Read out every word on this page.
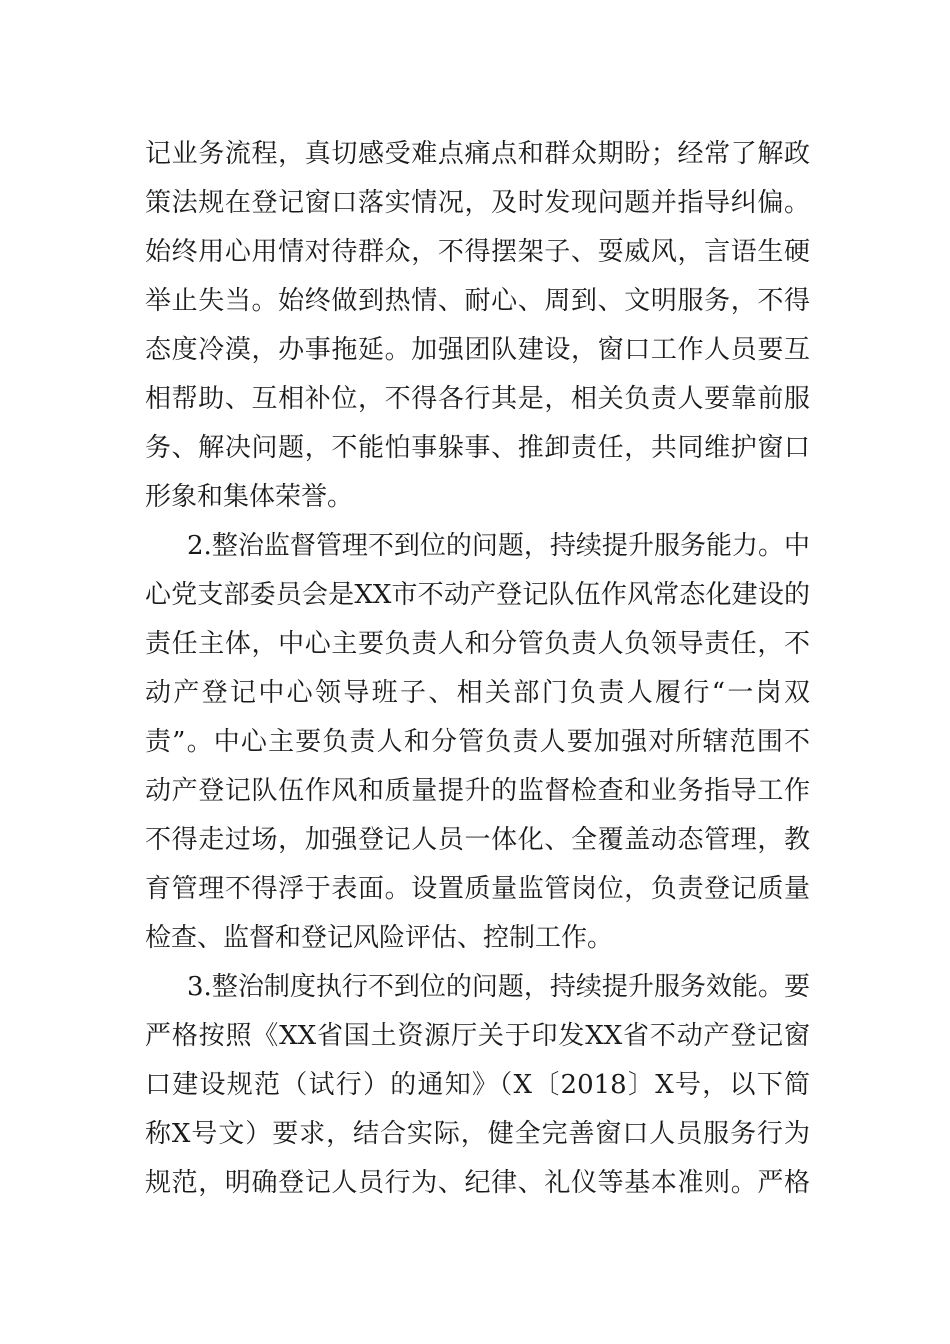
记业务流程，真切感受难点痛点和群众期盼；经常了解政
策法规在登记窗口落实情况，及时发现问题并指导纠偏。
始终用心用情对待群众，不得摆架子、耍威风，言语生硬
举止失当。始终做到热情、耐心、周到、文明服务，不得
态度冷漠，办事拖延。加强团队建设，窗口工作人员要互
相帮助、互相补位，不得各行其是，相关负责人要靠前服
务、解决问题，不能怕事躲事、推卸责任，共同维护窗口
形象和集体荣誉。
2.整治监督管理不到位的问题，持续提升服务能力。中
心党支部委员会是XX市不动产登记队伍作风常态化建设的
责任主体，中心主要负责人和分管负责人负领导责任，不
动产登记中心领导班子、相关部门负责人履行“一岗双
责”。中心主要负责人和分管负责人要加强对所辖范围不
动产登记队伍作风和质量提升的监督检查和业务指导工作
不得走过场，加强登记人员一体化、全覆盖动态管理，教
育管理不得浮于表面。设置质量监管岗位，负责登记质量
检查、监督和登记风险评估、控制工作。
3.整治制度执行不到位的问题，持续提升服务效能。要
严格按照《XX省国土资源厅关于印发XX省不动产登记窗
口建设规范（试行）的通知》（X〔2018〕X号，以下简
称X号文）要求，结合实际，健全完善窗口人员服务行为
规范，明确登记人员行为、纪律、礼仪等基本准则。严格
